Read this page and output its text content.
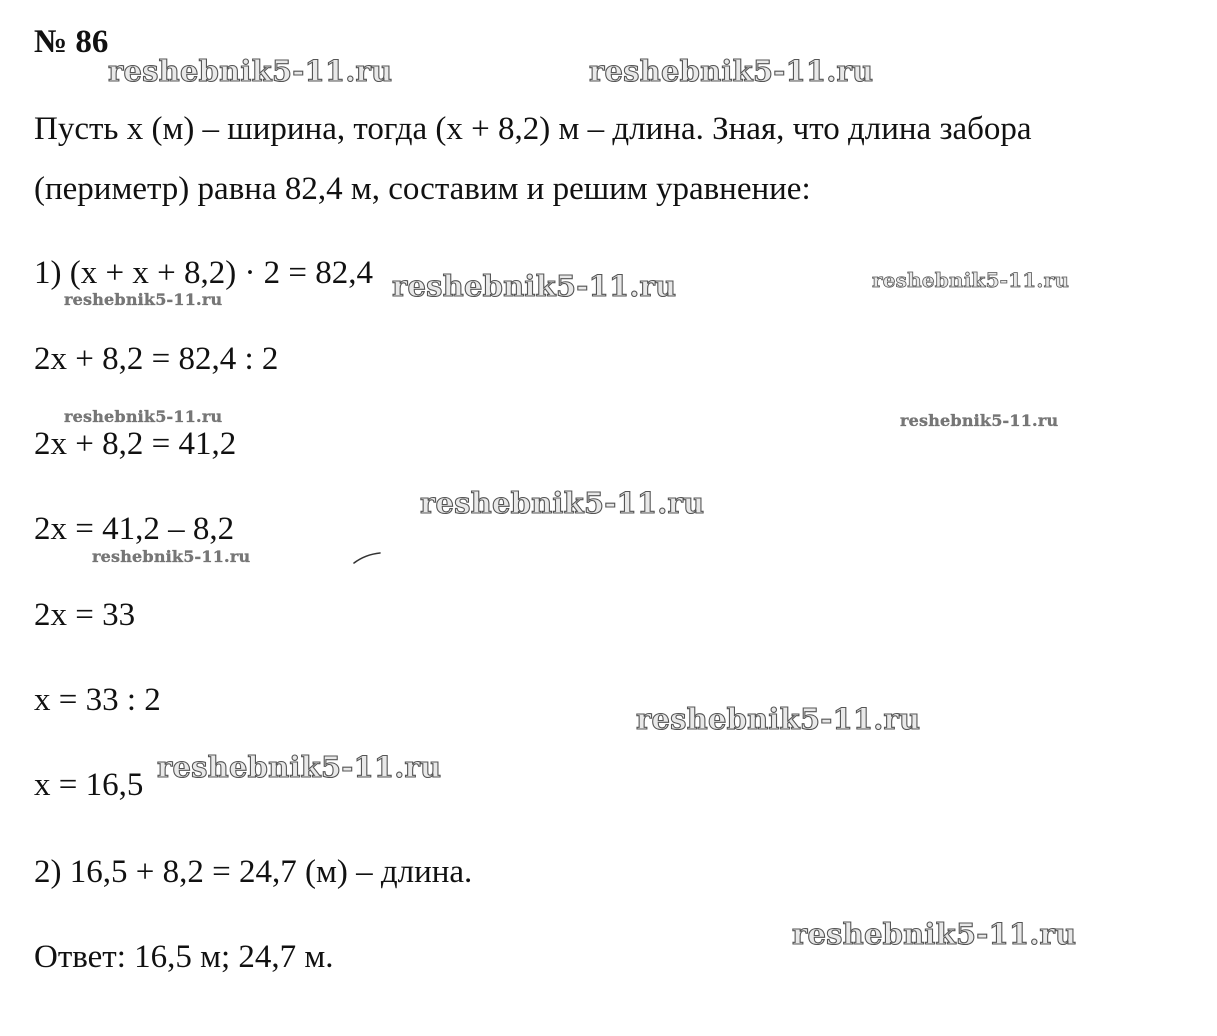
№ 86
Пусть x (м) – ширина, тогда (x + 8,2) м – длина. Зная, что длина забора
(периметр) равна 82,4 м, составим и решим уравнение:
1) (x + x + 8,2) · 2 = 82,4
2x + 8,2 = 82,4 : 2
2x + 8,2 = 41,2
2x = 41,2 – 8,2
2x = 33
x = 33 : 2
x = 16,5
2) 16,5 + 8,2 = 24,7 (м) – длина.
Ответ: 16,5 м; 24,7 м.
reshebnik5-11.ru	reshebnik5-11.ru
reshebnik5-11.ru	reshebnik5-11.ru
reshebnik5-11.ru
reshebnik5-11.ru	reshebnik5-11.ru
reshebnik5-11.ru
reshebnik5-11.ru
reshebnik5-11.ru
reshebnik5-11.ru
reshebnik5-11.ru
